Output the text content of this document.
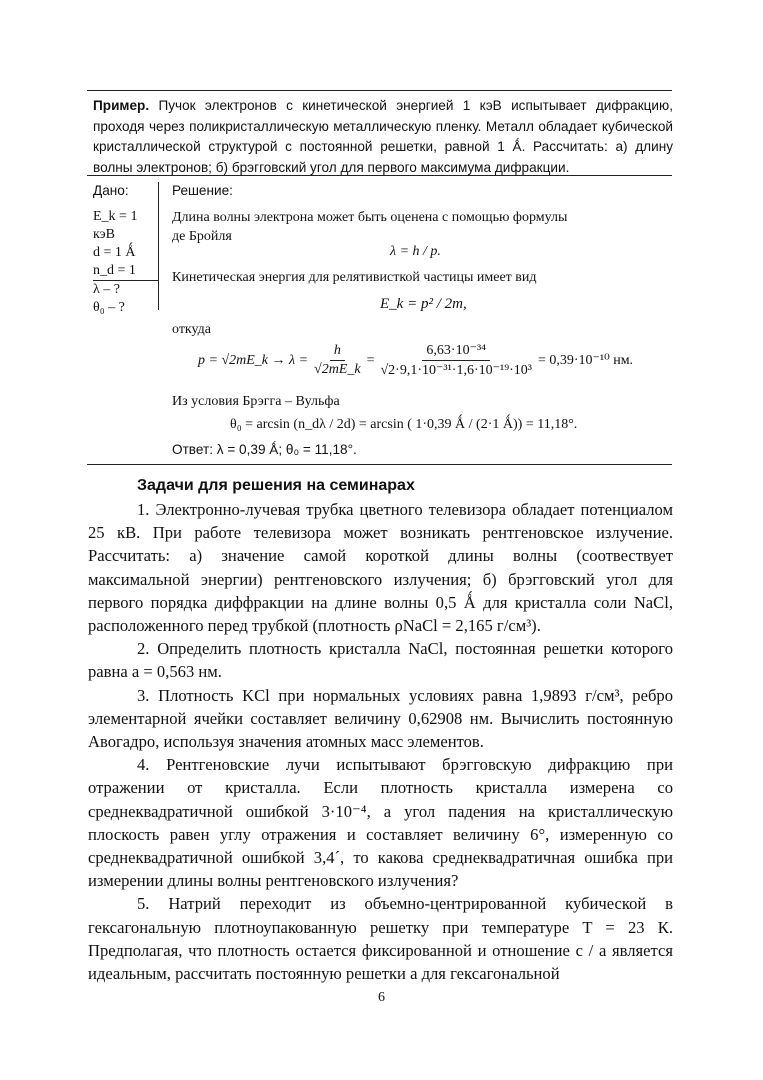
Пример. Пучок электронов с кинетической энергией 1 кэВ испытывает дифракцию, проходя через поликристаллическую металлическую пленку. Металл обладает кубической кристаллической структурой с постоянной решетки, равной 1 Ǻ. Рассчитать: а) длину волны электронов; б) брэгговский угол для первого максимума дифракции.
Дано:	Решение:
E_k = 1 кэВ
d = 1 Ǻ
n_d = 1
λ – ?
θ₀ – ?
Длина волны электрона может быть оценена с помощью формулы
де Бройля
λ = h / p.
Кинетическая энергия для релятивисткой частицы имеет вид
E_k = p² / 2m,
откуда
p = √2mE_k → $\lambda = \frac{h}{√2mE\_k} = \frac{\text{6,63·10⁻³⁴}}{\text{√2·9,1·10⁻³¹·1,6·10⁻¹⁹·10³}} = 0,39\cdot 10^{-10}$ нм.
Из условия Брэгга – Вульфа
θ₀ = arcsin (n_dλ / 2d) = arcsin ( 1·0,39 Ǻ / (2·1 Ǻ)) = 11,18°.
Ответ: λ = 0,39 Ǻ; θ₀ = 11,18°.
Задачи для решения на семинарах

1. Электронно-лучевая трубка цветного телевизора обладает потенциалом 25 кВ. При работе телевизора может возникать рентгеновское излучение. Рассчитать: а) значение самой короткой длины волны (соотвествует максимальной энергии) рентгеновского излучения; б) брэгговский угол для первого порядка диффракции на длине волны 0,5 Ǻ для кристалла соли NaCl, расположенного перед трубкой (плотность ρNaCl = 2,165 г/см³).

2. Определить плотность кристалла NaCl, постоянная решетки которого равна a = 0,563 нм.

3. Плотность KCl при нормальных условиях равна 1,9893 г/см³, ребро элементарной ячейки составляет величину 0,62908 нм. Вычислить постоянную Авогадро, используя значения атомных масс элементов.

4. Рентгеновские лучи испытывают брэгговскую дифракцию при отражении от кристалла. Если плотность кристалла измерена со среднеквадратичной ошибкой 3·10⁻⁴, а угол падения на кристаллическую плоскость равен углу отражения и составляет величину 6°, измеренную со среднеквадратичной ошибкой 3,4´, то какова среднеквадратичная ошибка при измерении длины волны рентгеновского излучения?

5. Натрий переходит из объемно-центрированной кубической в гексагональную плотноупакованную решетку при температуре T = 23 К. Предполагая, что плотность остается фиксированной и отношение c / a является идеальным, рассчитать постоянную решетки a для гексагональной

6
